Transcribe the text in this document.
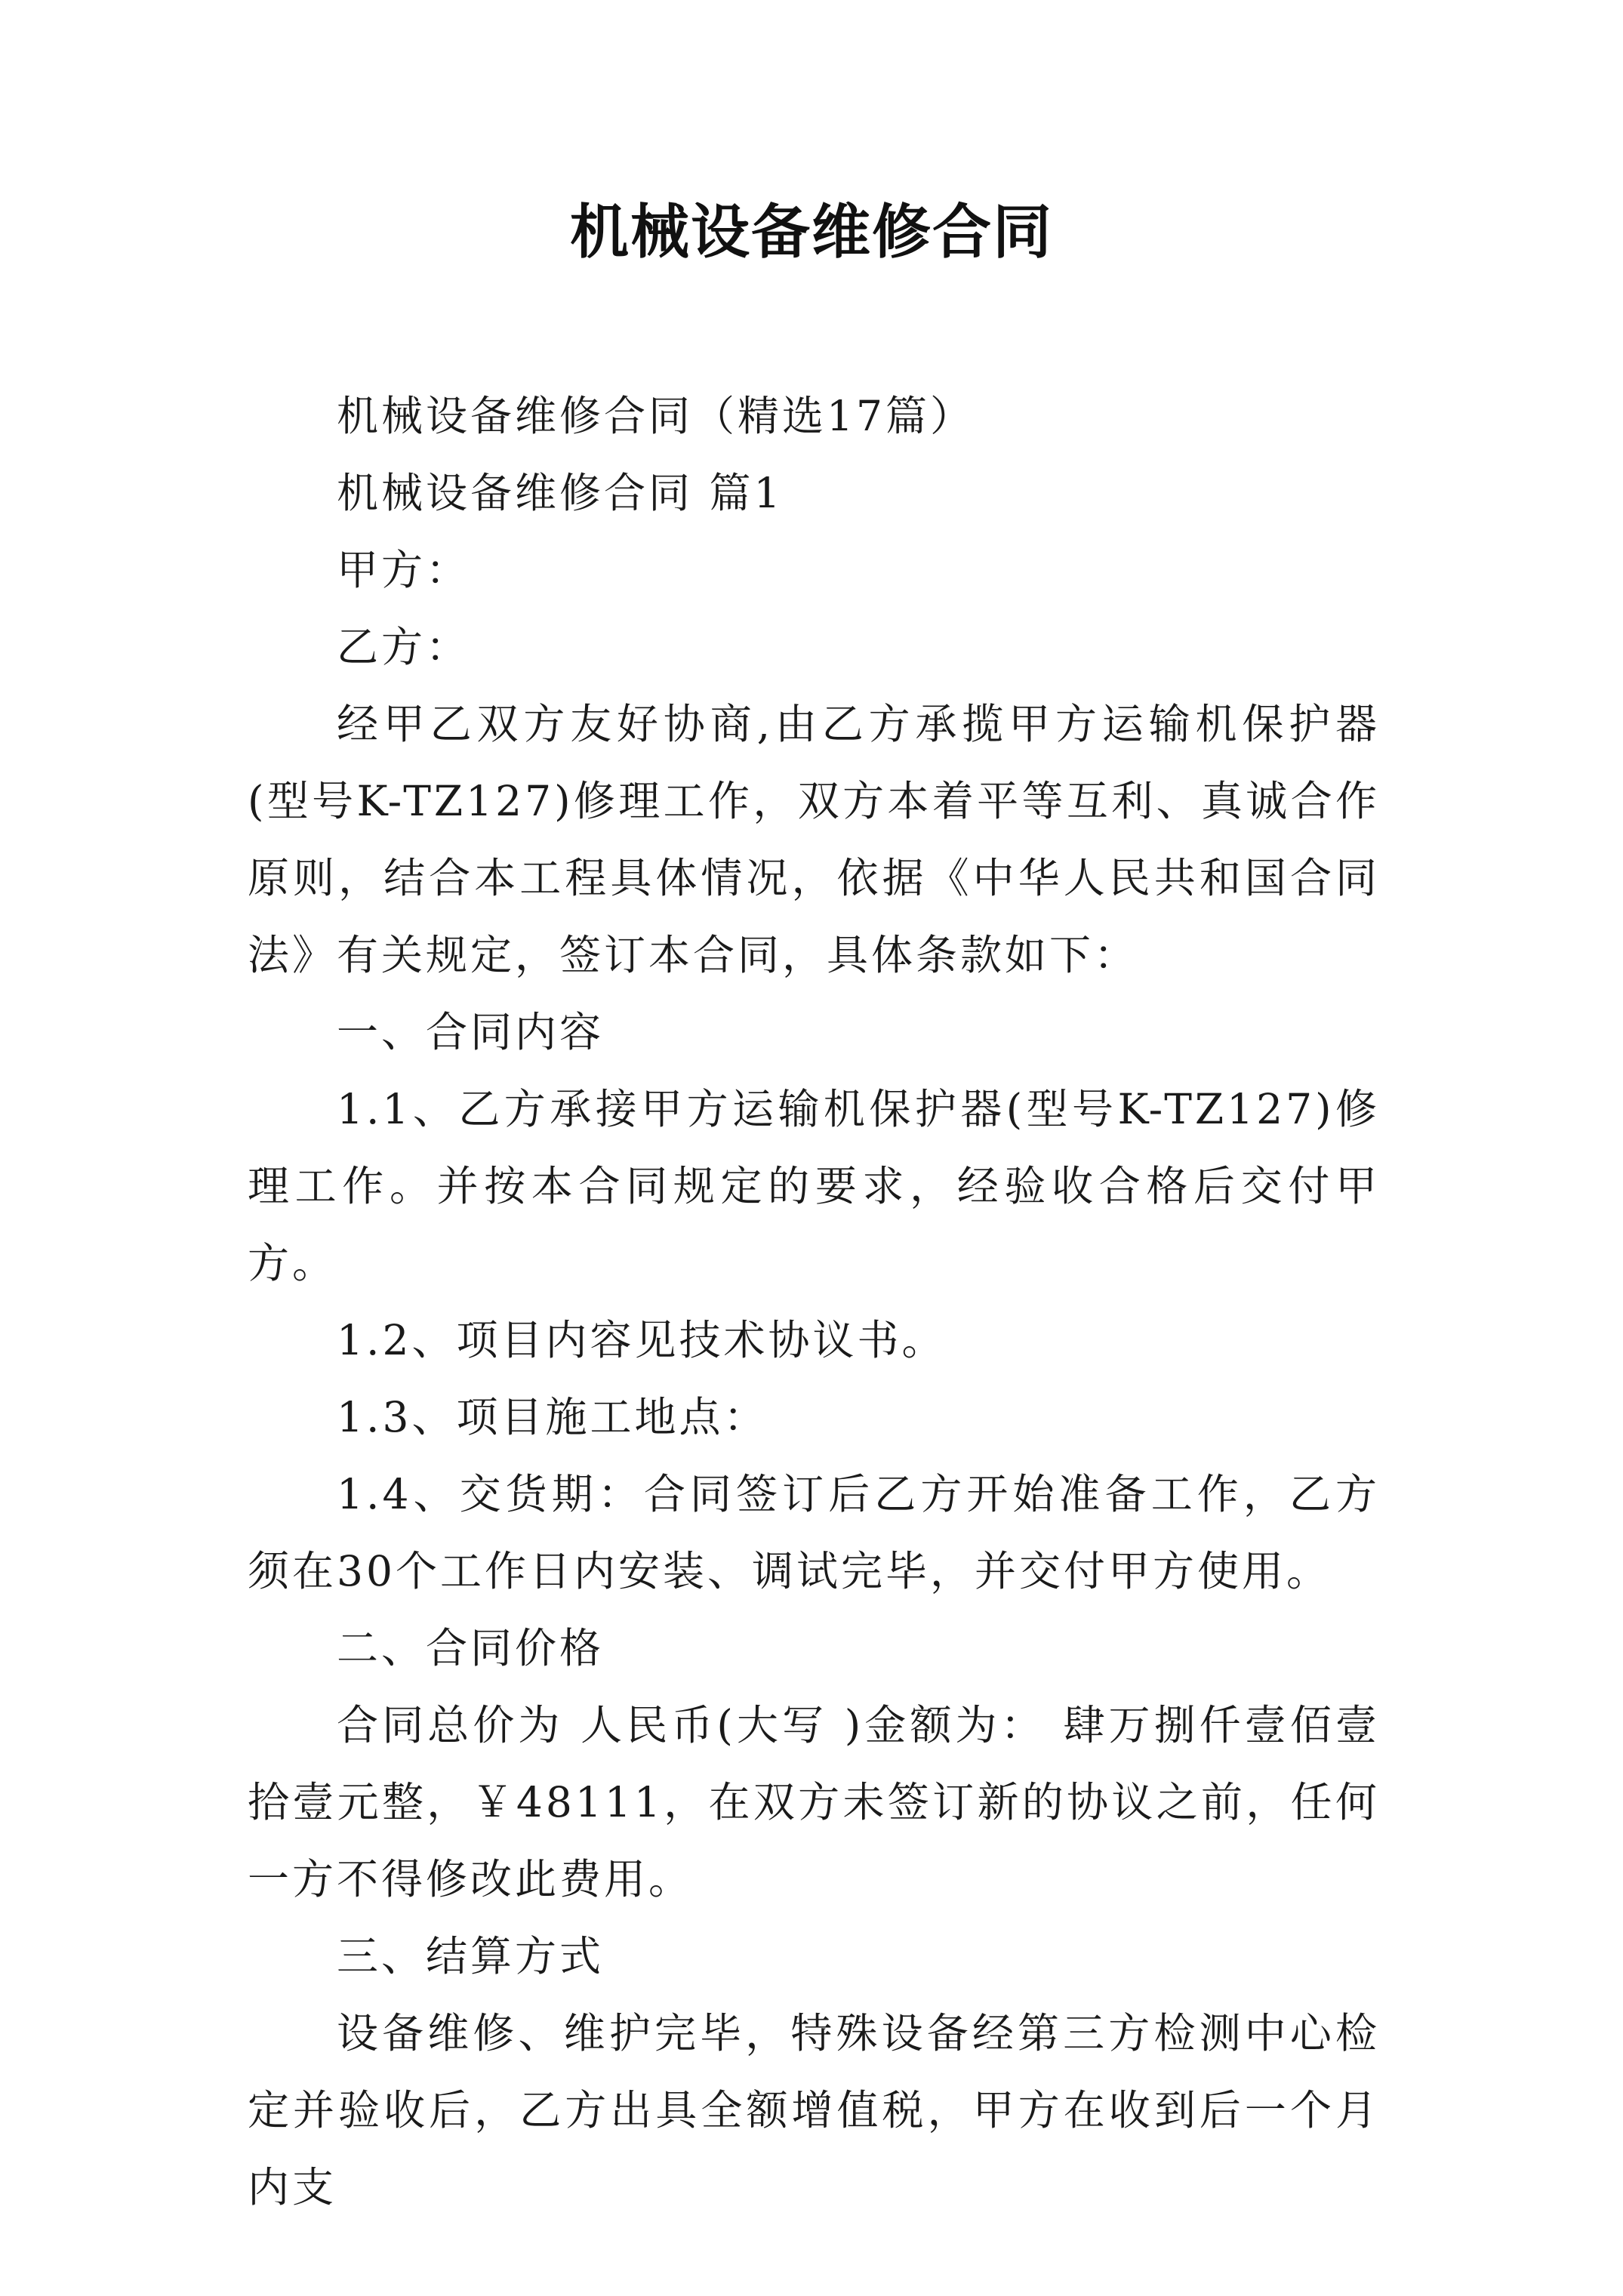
机械设备维修合同

机械设备维修合同（精选17篇）

机械设备维修合同 篇1

甲方：

乙方：

经甲乙双方友好协商,由乙方承揽甲方运输机保护器(型号K-TZ127)修理工作，双方本着平等互利、真诚合作原则，结合本工程具体情况，依据《中华人民共和国合同法》有关规定，签订本合同，具体条款如下：

一、合同内容

1.1、乙方承接甲方运输机保护器(型号K-TZ127)修理工作。并按本合同规定的要求，经验收合格后交付甲方。

1.2、项目内容见技术协议书。

1.3、项目施工地点：

1.4、交货期：合同签订后乙方开始准备工作，乙方须在30个工作日内安装、调试完毕，并交付甲方使用。

二、合同价格

合同总价为 人民币(大写 )金额为： 肆万捌仟壹佰壹拾壹元整，￥48111，在双方未签订新的协议之前，任何一方不得修改此费用。

三、结算方式

设备维修、维护完毕，特殊设备经第三方检测中心检定并验收后，乙方出具全额增值税，甲方在收到后一个月内支
